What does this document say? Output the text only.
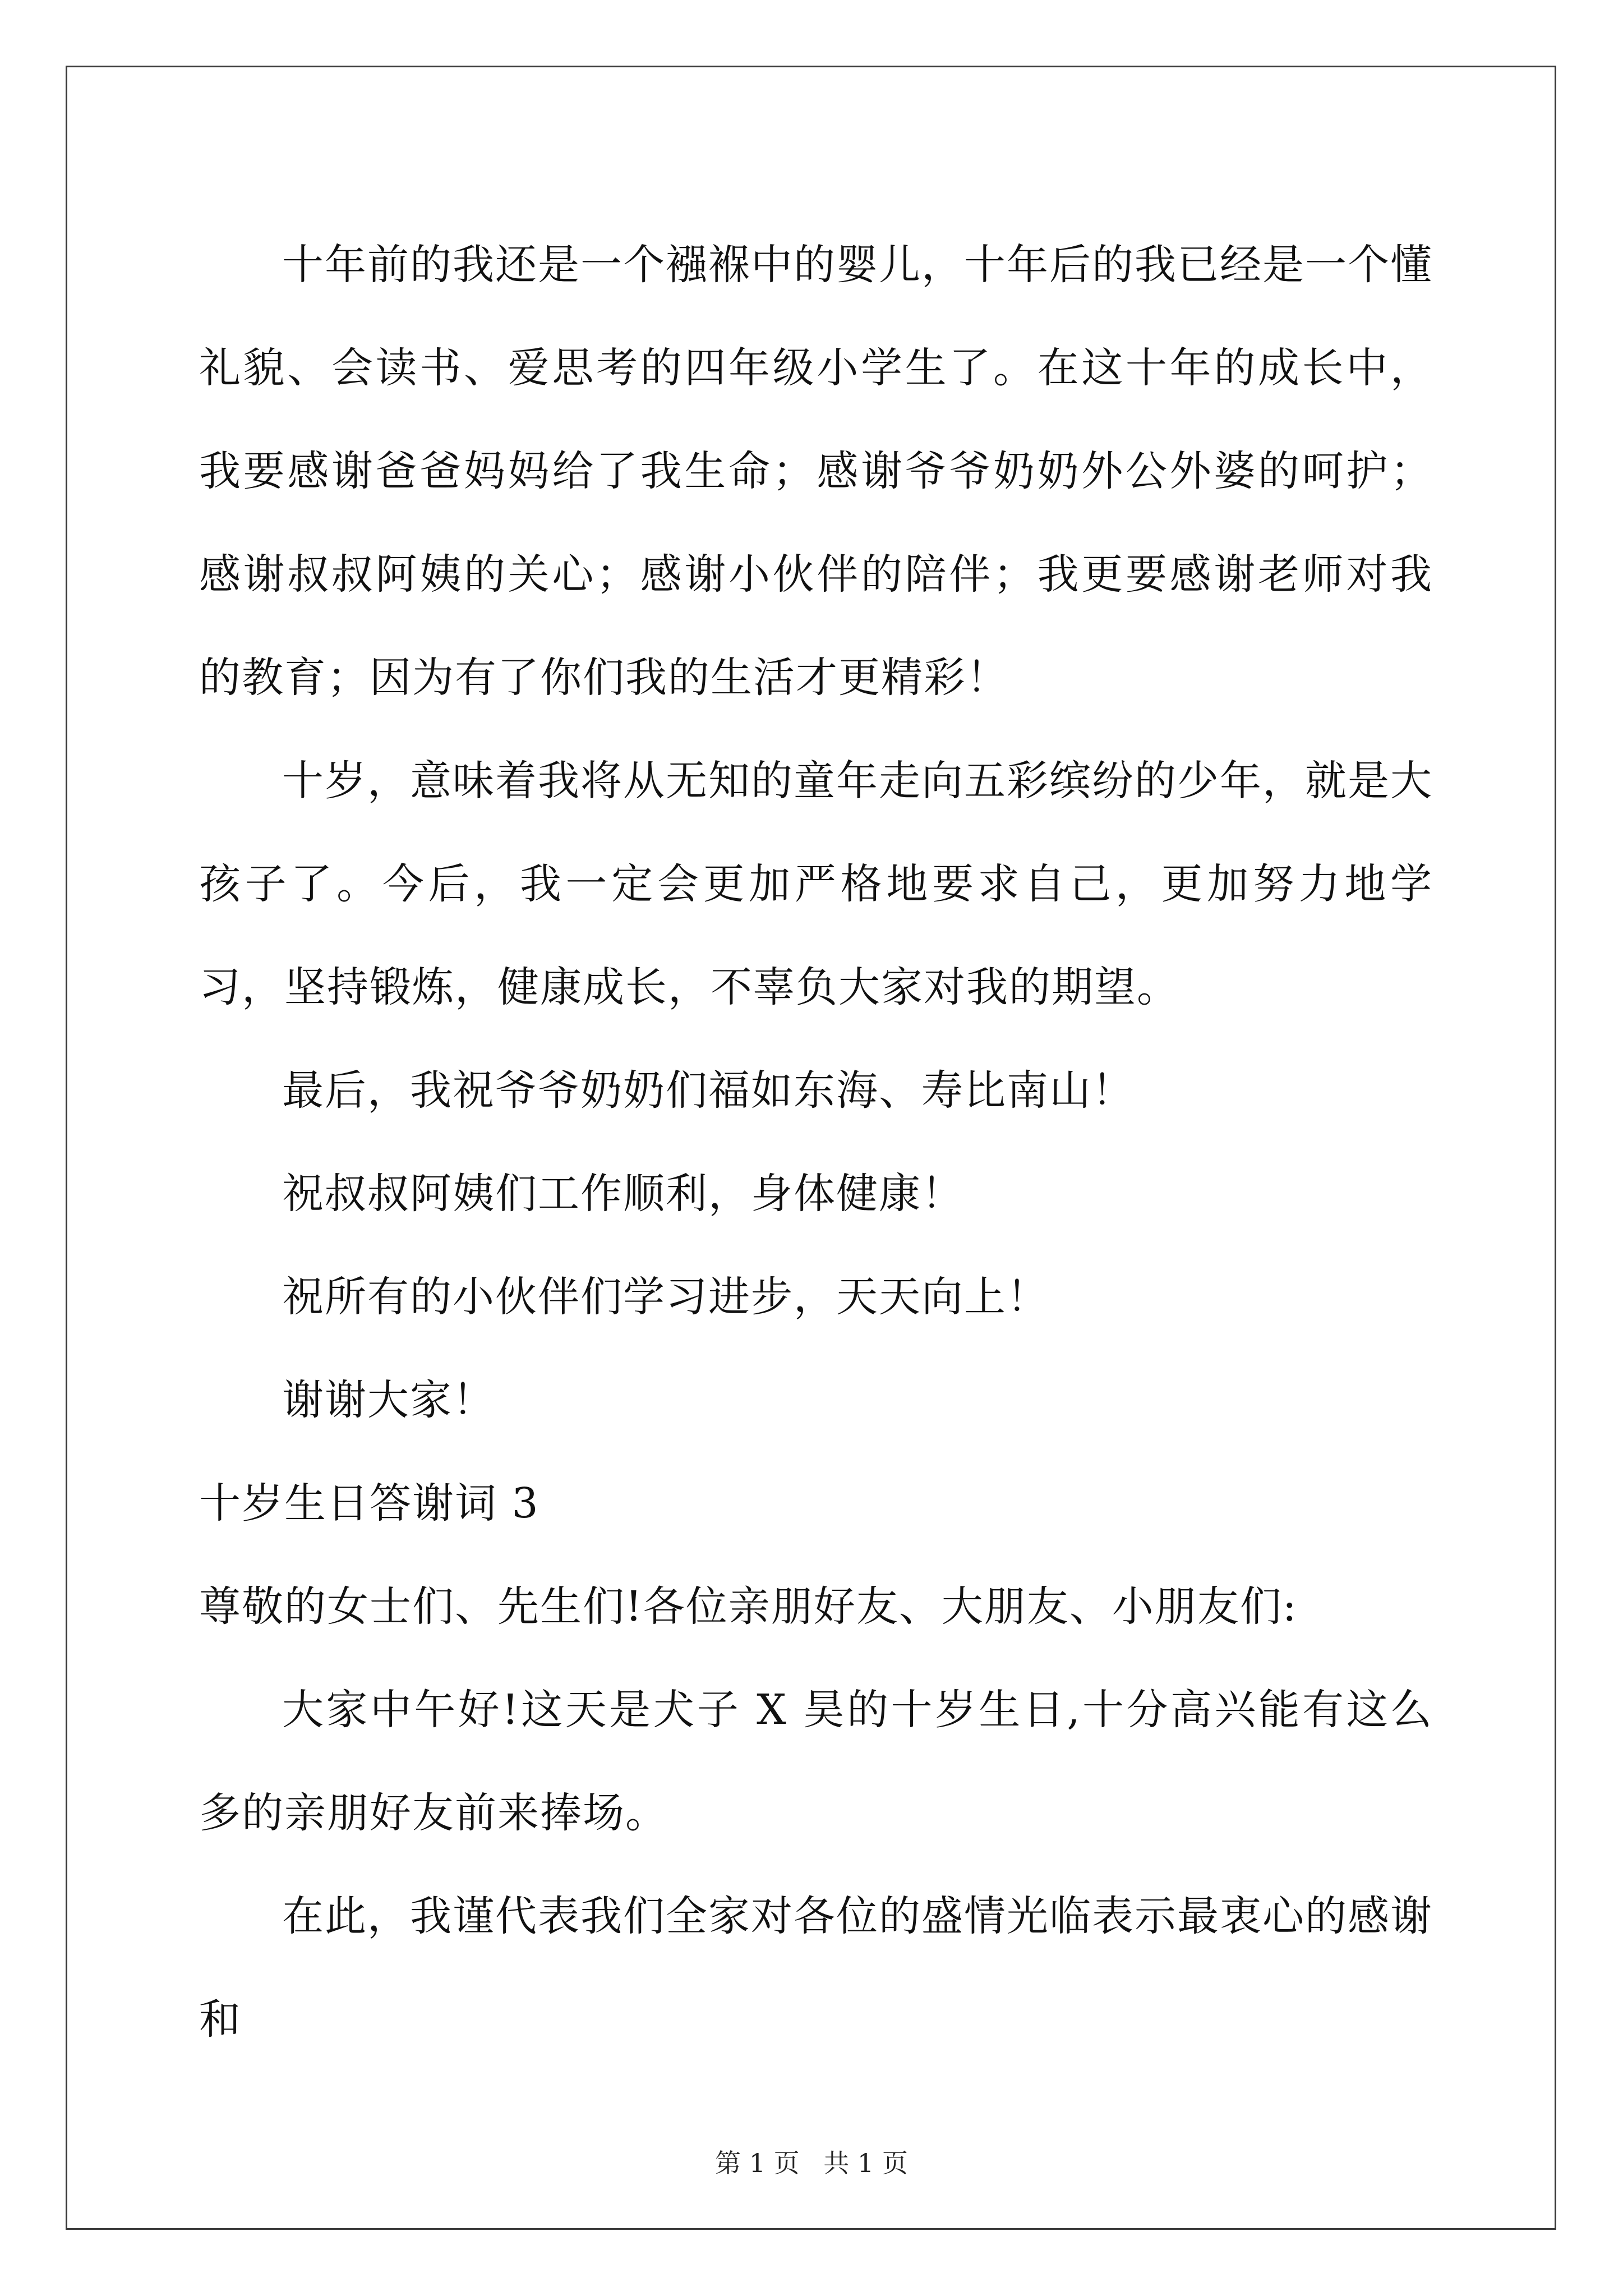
十年前的我还是一个襁褓中的婴儿，十年后的我已经是一个懂礼貌、会读书、爱思考的四年级小学生了。在这十年的成长中，我要感谢爸爸妈妈给了我生命；感谢爷爷奶奶外公外婆的呵护；感谢叔叔阿姨的关心；感谢小伙伴的陪伴；我更要感谢老师对我的教育；因为有了你们我的生活才更精彩！

十岁，意味着我将从无知的童年走向五彩缤纷的少年，就是大孩子了。今后，我一定会更加严格地要求自己，更加努力地学习，坚持锻炼，健康成长，不辜负大家对我的期望。

最后，我祝爷爷奶奶们福如东海、寿比南山！

祝叔叔阿姨们工作顺利，身体健康！

祝所有的小伙伴们学习进步，天天向上！

谢谢大家！

十岁生日答谢词 3

尊敬的女士们、先生们!各位亲朋好友、大朋友、小朋友们:

大家中午好!这天是犬子 X 昊的十岁生日,十分高兴能有这么多的亲朋好友前来捧场。

在此，我谨代表我们全家对各位的盛情光临表示最衷心的感谢和

第 1 页 共 1 页
